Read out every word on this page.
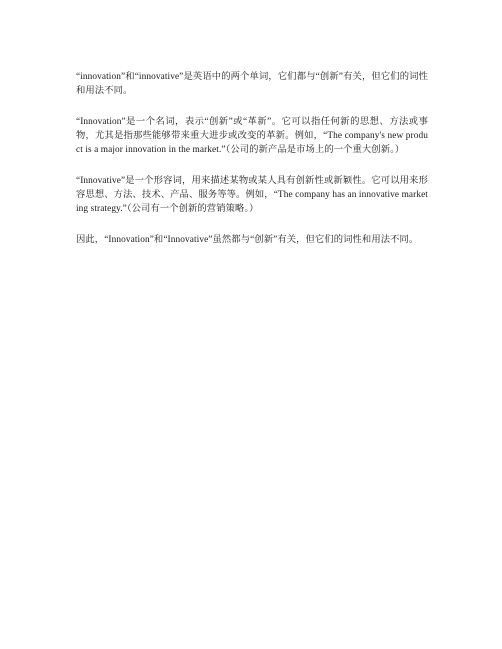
“innovation”和“innovative”是英语中的两个单词，它们都与“创新”有关，但它们的词性和用法不同。

“Innovation”是一个名词，表示“创新”或“革新”。它可以指任何新的思想、方法或事物，尤其是指那些能够带来重大进步或改变的革新。例如，“The company's new product is a major innovation in the market.”（公司的新产品是市场上的一个重大创新。）

“Innovative”是一个形容词，用来描述某物或某人具有创新性或新颖性。它可以用来形容思想、方法、技术、产品、服务等等。例如，“The company has an innovative marketing strategy.”（公司有一个创新的营销策略。）

因此，“Innovation”和“Innovative”虽然都与“创新”有关，但它们的词性和用法不同。
